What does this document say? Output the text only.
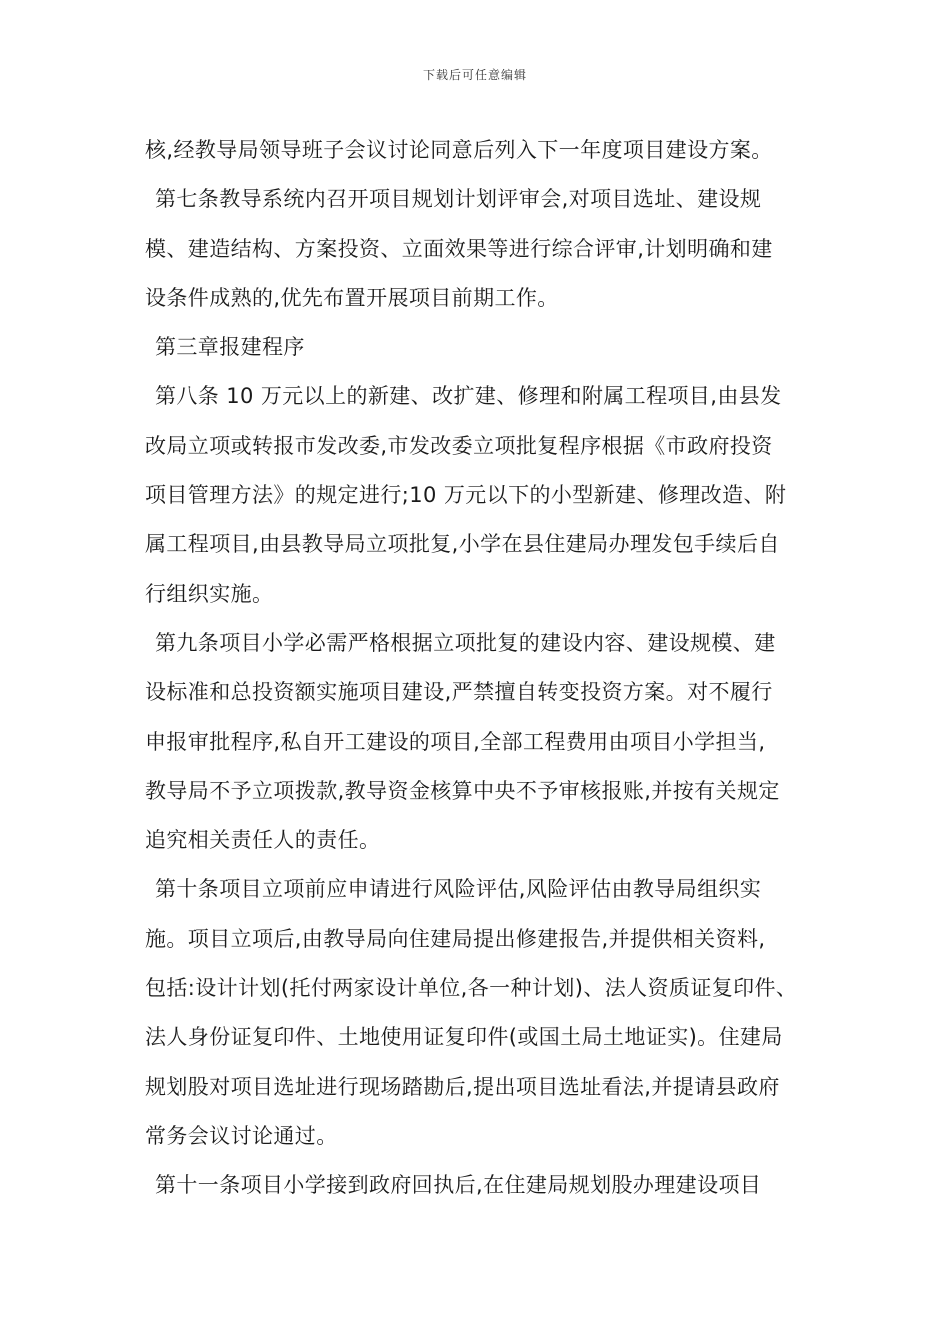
下载后可任意编辑
核,经教导局领导班子会议讨论同意后列入下一年度项目建设方案。
第七条教导系统内召开项目规划计划评审会,对项目选址、建设规
模、建造结构、方案投资、立面效果等进行综合评审,计划明确和建
设条件成熟的,优先布置开展项目前期工作。
第三章报建程序
第八条 10 万元以上的新建、改扩建、修理和附属工程项目,由县发
改局立项或转报市发改委,市发改委立项批复程序根据《市政府投资
项目管理方法》的规定进行;10 万元以下的小型新建、修理改造、附
属工程项目,由县教导局立项批复,小学在县住建局办理发包手续后自
行组织实施。
第九条项目小学必需严格根据立项批复的建设内容、建设规模、建
设标准和总投资额实施项目建设,严禁擅自转变投资方案。对不履行
申报审批程序,私自开工建设的项目,全部工程费用由项目小学担当,
教导局不予立项拨款,教导资金核算中央不予审核报账,并按有关规定
追究相关责任人的责任。
第十条项目立项前应申请进行风险评估,风险评估由教导局组织实
施。项目立项后,由教导局向住建局提出修建报告,并提供相关资料,
包括:设计计划(托付两家设计单位,各一种计划)、法人资质证复印件、
法人身份证复印件、土地使用证复印件(或国土局土地证实)。住建局
规划股对项目选址进行现场踏勘后,提出项目选址看法,并提请县政府
常务会议讨论通过。
第十一条项目小学接到政府回执后,在住建局规划股办理建设项目
